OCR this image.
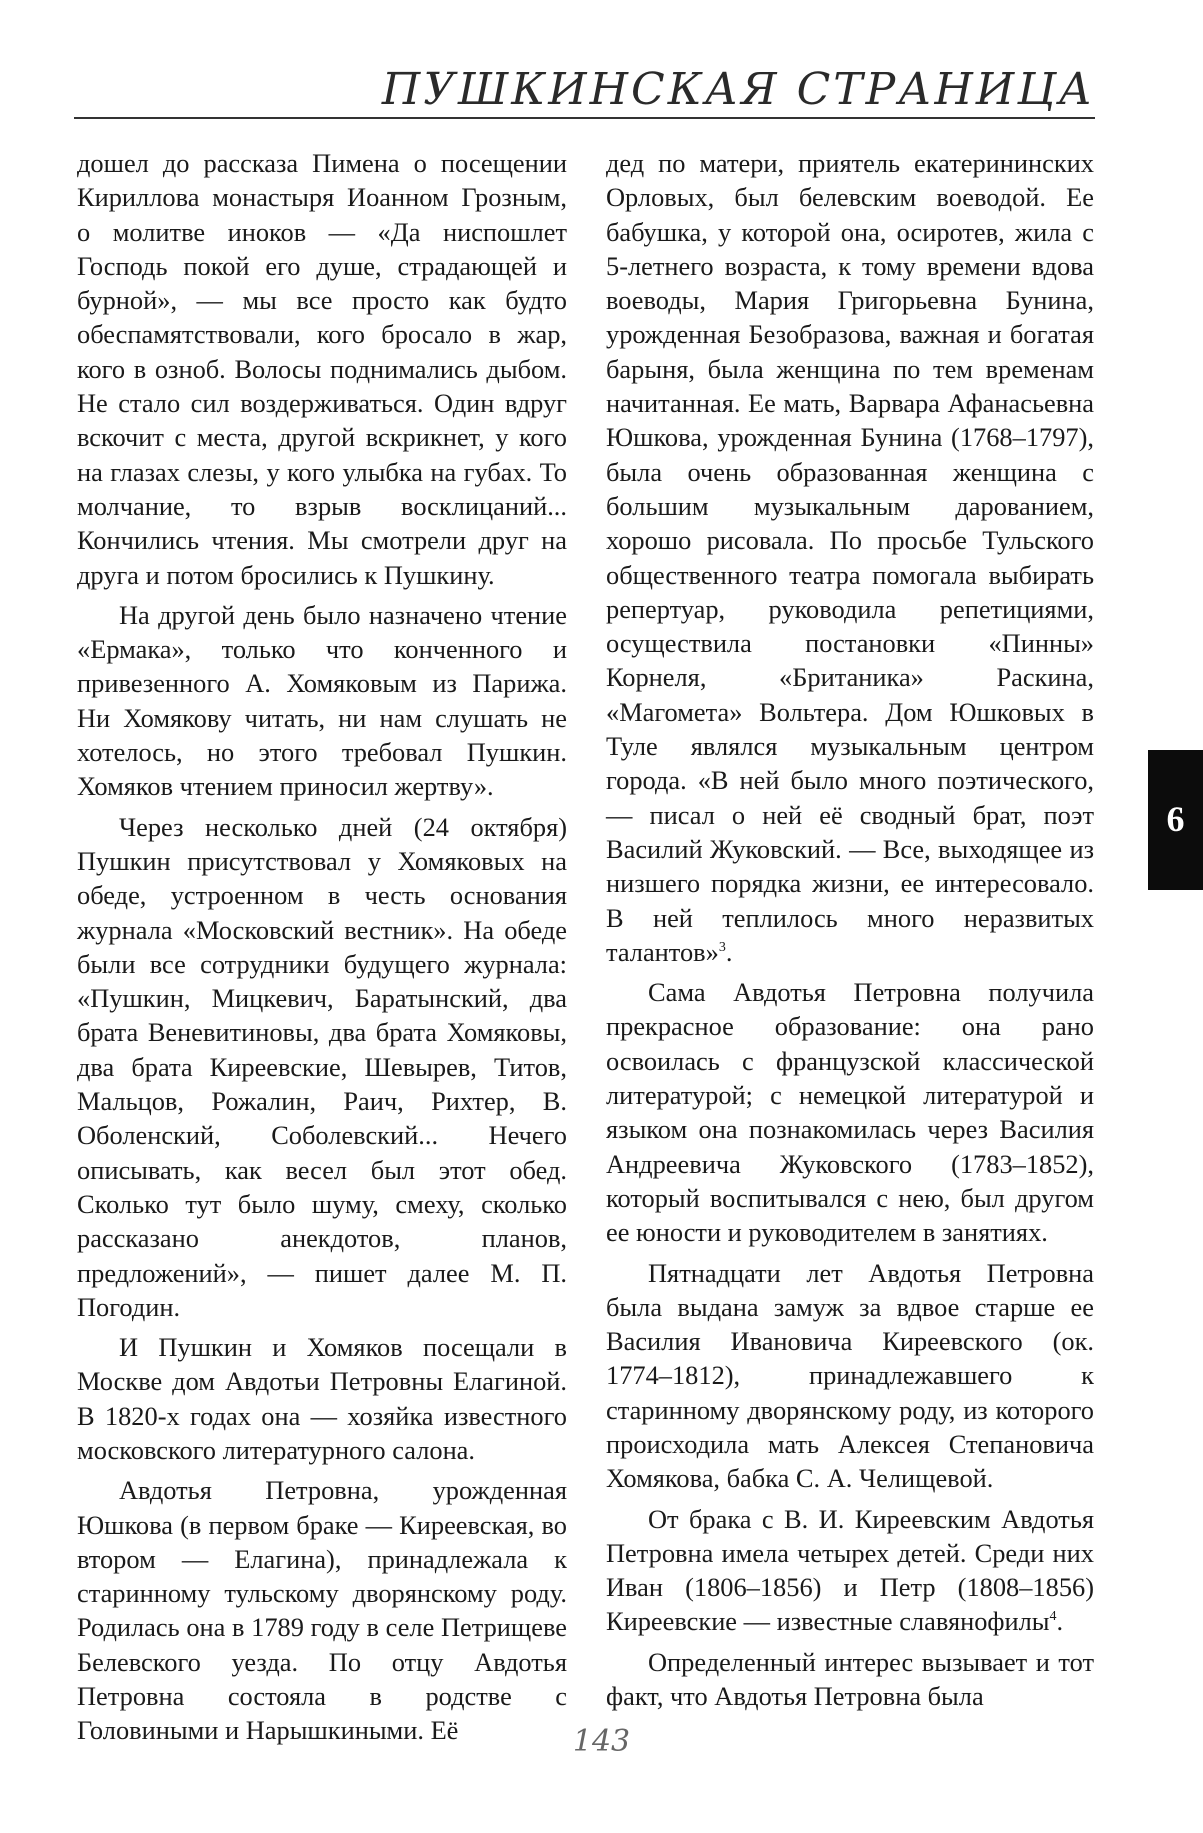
ПУШКИНСКАЯ СТРАНИЦА

дошел до рассказа Пимена о посещении Кириллова монастыря Иоанном Грозным, о молитве иноков — «Да ниспошлет Господь покой его душе, страдающей и бурной», — мы все просто как будто обеспамятствовали, кого бросало в жар, кого в озноб. Волосы поднимались дыбом. Не стало сил воздерживаться. Один вдруг вскочит с места, другой вскрикнет, у кого на глазах слезы, у кого улыбка на губах. То молчание, то взрыв восклицаний... Кончились чтения. Мы смотрели друг на друга и потом бросились к Пушкину.

На другой день было назначено чтение «Ермака», только что конченного и привезенного А. Хомяковым из Парижа. Ни Хомякову читать, ни нам слушать не хотелось, но этого требовал Пушкин. Хомяков чтением приносил жертву».

Через несколько дней (24 октября) Пушкин присутствовал у Хомяковых на обеде, устроенном в честь основания журнала «Московский вестник». На обеде были все сотрудники будущего журнала: «Пушкин, Мицкевич, Баратынский, два брата Веневитиновы, два брата Хомяковы, два брата Киреевские, Шевырев, Титов, Мальцов, Рожалин, Раич, Рихтер, В. Оболенский, Соболевский... Нечего описывать, как весел был этот обед. Сколько тут было шуму, смеху, сколько рассказано анекдотов, планов, предложений», — пишет далее М. П. Погодин.

И Пушкин и Хомяков посещали в Москве дом Авдотьи Петровны Елагиной. В 1820-х годах она — хозяйка известного московского литературного салона.

Авдотья Петровна, урожденная Юшкова (в первом браке — Киреевская, во втором — Елагина), принадлежала к старинному тульскому дворянскому роду. Родилась она в 1789 году в селе Петрищеве Белевского уезда. По отцу Авдотья Петровна состояла в родстве с Головиными и Нарышкиными. Её

дед по матери, приятель екатерининских Орловых, был белевским воеводой. Ее бабушка, у которой она, осиротев, жила с 5-летнего возраста, к тому времени вдова воеводы, Мария Григорьевна Бунина, урожденная Безобразова, важная и богатая барыня, была женщина по тем временам начитанная. Ее мать, Варвара Афанасьевна Юшкова, урожденная Бунина (1768–1797), была очень образованная женщина с большим музыкальным дарованием, хорошо рисовала. По просьбе Тульского общественного театра помогала выбирать репертуар, руководила репетициями, осуществила постановки «Пинны» Корнеля, «Британика» Раскина, «Магомета» Вольтера. Дом Юшковых в Туле являлся музыкальным центром города. «В ней было много поэтического, — писал о ней её сводный брат, поэт Василий Жуковский. — Все, выходящее из низшего порядка жизни, ее интересовало. В ней теплилось много неразвитых талантов»$^3$.

Сама Авдотья Петровна получила прекрасное образование: она рано освоилась с французской классической литературой; с немецкой литературой и языком она познакомилась через Василия Андреевича Жуковского (1783–1852), который воспитывался с нею, был другом ее юности и руководителем в занятиях.

Пятнадцати лет Авдотья Петровна была выдана замуж за вдвое старше ее Василия Ивановича Киреевского (ок. 1774–1812), принадлежавшего к старинному дворянскому роду, из которого происходила мать Алексея Степановича Хомякова, бабка С. А. Челищевой.

От брака с В. И. Киреевским Авдотья Петровна имела четырех детей. Среди них Иван (1806–1856) и Петр (1808–1856) Киреевские — известные славянофилы$^4$.

Определенный интерес вызывает и тот факт, что Авдотья Петровна была

6
143
